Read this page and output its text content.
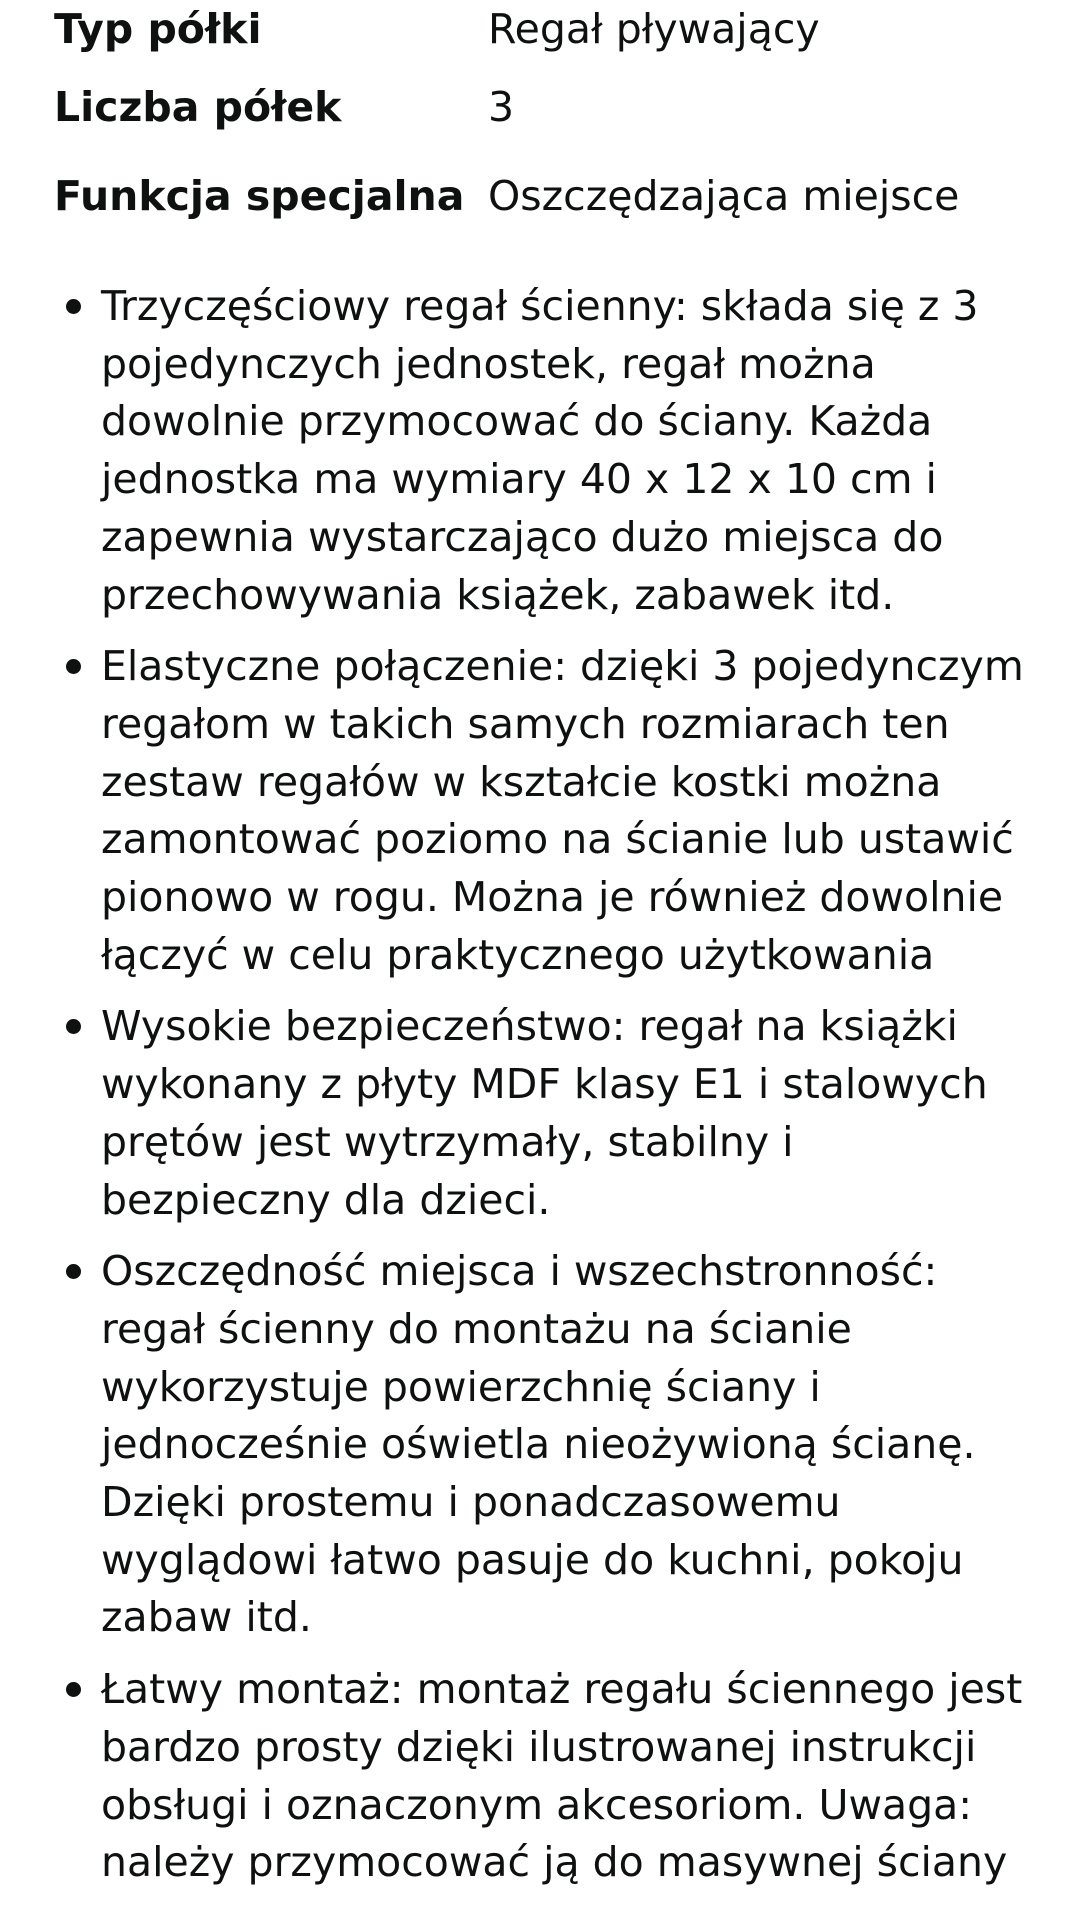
Typ półki	Regał pływający
Liczba półek	3
Funkcja specjalna Oszczędzająca miejsce
Trzyczęściowy regał ścienny: składa się z 3
pojedynczych jednostek, regał można
dowolnie przymocować do ściany. Każda
jednostka ma wymiary 40 x 12 x 10 cm i
zapewnia wystarczająco dużo miejsca do
przechowywania książek, zabawek itd.
Elastyczne połączenie: dzięki 3 pojedynczym
regałom w takich samych rozmiarach ten
zestaw regałów w kształcie kostki można
zamontować poziomo na ścianie lub ustawić
pionowo w rogu. Można je również dowolnie
łączyć w celu praktycznego użytkowania
Wysokie bezpieczeństwo: regał na książki
wykonany z płyty MDF klasy E1 i stalowych
prętów jest wytrzymały, stabilny i
bezpieczny dla dzieci.
Oszczędność miejsca i wszechstronność:
regał ścienny do montażu na ścianie
wykorzystuje powierzchnię ściany i
jednocześnie oświetla nieożywioną ścianę.
Dzięki prostemu i ponadczasowemu
wyglądowi łatwo pasuje do kuchni, pokoju
zabaw itd.
Łatwy montaż: montaż regału ściennego jest
bardzo prosty dzięki ilustrowanej instrukcji
obsługi i oznaczonym akcesoriom. Uwaga:
należy przymocować ją do masywnej ściany
